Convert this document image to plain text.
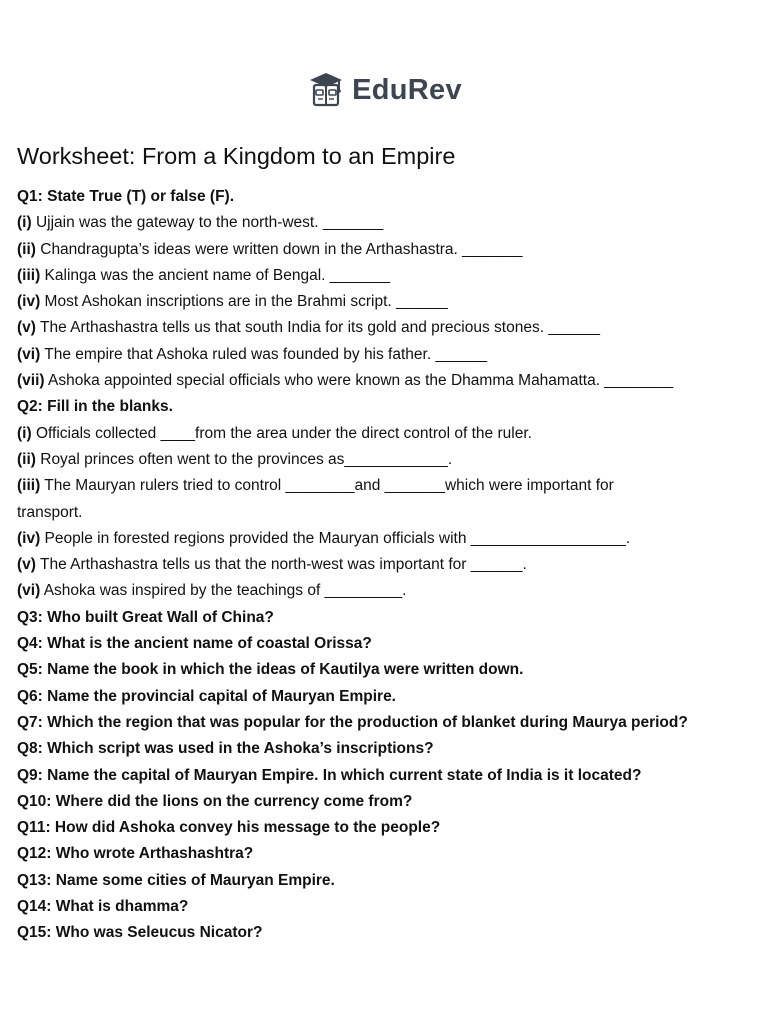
EduRev
Worksheet: From a Kingdom to an Empire
Q1: State True (T) or false (F).
(i) Ujjain was the gateway to the north-west. _______
(ii) Chandragupta’s ideas were written down in the Arthashastra. _______
(iii) Kalinga was the ancient name of Bengal. _______
(iv) Most Ashokan inscriptions are in the Brahmi script. ______
(v) The Arthashastra tells us that south India for its gold and precious stones. ______
(vi) The empire that Ashoka ruled was founded by his father. ______
(vii) Ashoka appointed special officials who were known as the Dhamma Mahamatta. ________
Q2: Fill in the blanks.
(i) Officials collected ____from the area under the direct control of the ruler.
(ii) Royal princes often went to the provinces as____________.
(iii) The Mauryan rulers tried to control ________and _______which were important for transport.
(iv) People in forested regions provided the Mauryan officials with __________________.
(v) The Arthashastra tells us that the north-west was important for ______.
(vi) Ashoka was inspired by the teachings of _________.
Q3: Who built Great Wall of China?
Q4: What is the ancient name of coastal Orissa?
Q5: Name the book in which the ideas of Kautilya were written down.
Q6: Name the provincial capital of Mauryan Empire.
Q7: Which the region that was popular for the production of blanket during Maurya period?
Q8: Which script was used in the Ashoka’s inscriptions?
Q9: Name the capital of Mauryan Empire. In which current state of India is it located?
Q10: Where did the lions on the currency come from?
Q11: How did Ashoka convey his message to the people?
Q12: Who wrote Arthashashtra?
Q13: Name some cities of Mauryan Empire.
Q14: What is dhamma?
Q15: Who was Seleucus Nicator?
